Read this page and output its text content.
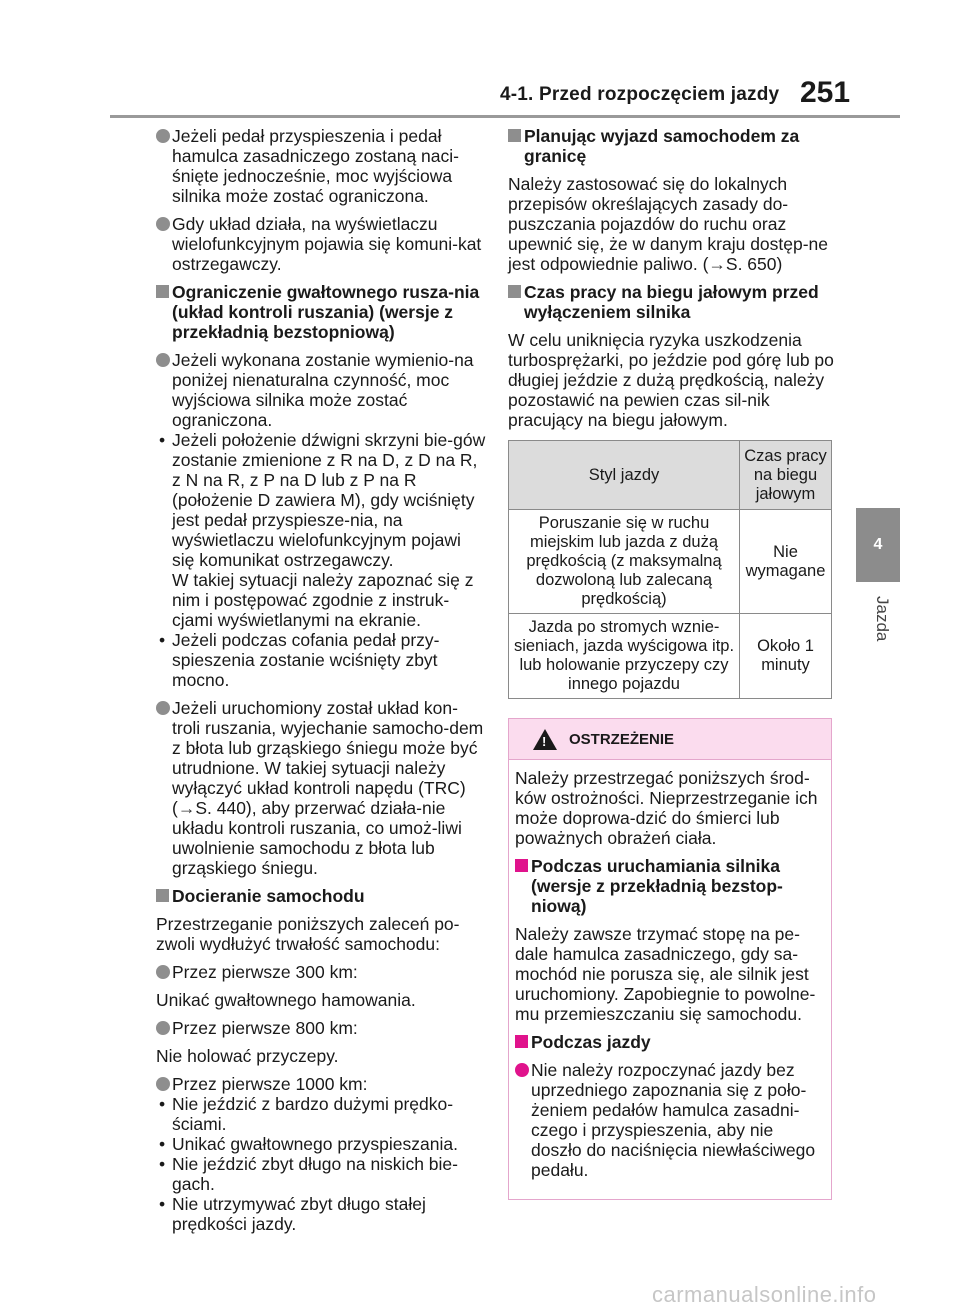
4-1. Przed rozpoczęciem jazdy 251
4
Jazda
Jeżeli pedał przyspieszenia i pedał hamulca zasadniczego zostaną naci-śnięte jednocześnie, moc wyjściowa silnika może zostać ograniczona.
Gdy układ działa, na wyświetlaczu wielofunkcyjnym pojawia się komuni-kat ostrzegawczy.
Ograniczenie gwałtownego rusza-nia (układ kontroli ruszania) (wersje z przekładnią bezstopniową)
Jeżeli wykonana zostanie wymienio-na poniżej nienaturalna czynność, moc wyjściowa silnika może zostać ograniczona.
• Jeżeli położenie dźwigni skrzyni bie-gów zostanie zmienione z R na D, z D na R, z N na R, z P na D lub z P na R (położenie D zawiera M), gdy wciśnięty jest pedał przyspiesze-nia, na wyświetlaczu wielofunkcyjnym pojawi się komunikat ostrzegawczy.
W takiej sytuacji należy zapoznać się z nim i postępować zgodnie z instruk-cjami wyświetlanymi na ekranie.
• Jeżeli podczas cofania pedał przy-spieszenia zostanie wciśnięty zbyt mocno.
Jeżeli uruchomiony został układ kon-troli ruszania, wyjechanie samocho-dem z błota lub grząskiego śniegu może być utrudnione. W takiej sytuacji należy wyłączyć układ kontroli napędu (TRC) (→S. 440), aby przerwać działa-nie układu kontroli ruszania, co umoż-liwi uwolnienie samochodu z błota lub grząskiego śniegu.
Docieranie samochodu
Przestrzeganie poniższych zaleceń po-zwoli wydłużyć trwałość samochodu:
Przez pierwsze 300 km:
Unikać gwałtownego hamowania.
Przez pierwsze 800 km:
Nie holować przyczepy.
Przez pierwsze 1000 km:
• Nie jeździć z bardzo dużymi prędko-ściami.
• Unikać gwałtownego przyspieszania.
• Nie jeździć zbyt długo na niskich bie-gach.
• Nie utrzymywać zbyt długo stałej prędkości jazdy.
Planując wyjazd samochodem za granicę
Należy zastosować się do lokalnych przepisów określających zasady do-puszczania pojazdów do ruchu oraz upewnić się, że w danym kraju dostęp-ne jest odpowiednie paliwo. (→S. 650)
Czas pracy na biegu jałowym przed wyłączeniem silnika
W celu uniknięcia ryzyka uszkodzenia turbosprężarki, po jeździe pod górę lub po długiej jeździe z dużą prędkością, należy pozostawić na pewien czas sil-nik pracujący na biegu jałowym.
Styl jazdy	Czas pracy na biegu jałowym
Poruszanie się w ruchu miejskim lub jazda z dużą prędkością (z maksymalną dozwoloną lub zalecaną prędkością)	Nie wymagane
Jazda po stromych wznie-sieniach, jazda wyścigowa itp. lub holowanie przyczepy czy innego pojazdu	Około 1 minuty
! OSTRZEŻENIE
Należy przestrzegać poniższych środ-ków ostrożności. Nieprzestrzeganie ich może doprowa-dzić do śmierci lub poważnych obrażeń ciała.
Podczas uruchamiania silnika (wersje z przekładnią bezstop-niową)
Należy zawsze trzymać stopę na pe-dale hamulca zasadniczego, gdy sa-mochód nie porusza się, ale silnik jest uruchomiony. Zapobiegnie to powolne-mu przemieszczaniu się samochodu.
Podczas jazdy
Nie należy rozpoczynać jazdy bez uprzedniego zapoznania się z poło-żeniem pedałów hamulca zasadni-czego i przyspieszenia, aby nie doszło do naciśnięcia niewłaściwego pedału.
carmanualsonline.info
